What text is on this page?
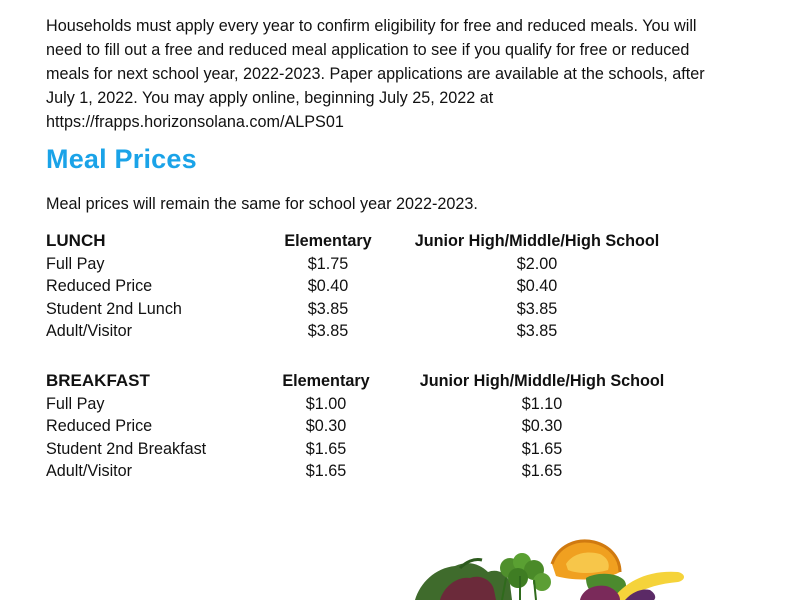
Households must apply every year to confirm eligibility for free and reduced meals. You will

need to fill out a free and reduced meal application to see if you qualify for free or reduced

meals for next school year, 2022-2023. Paper applications are available at the schools, after

July 1, 2022. You may apply online, beginning July 25, 2022 at

https://frapps.horizonsolana.com/ALPS01

Meal Prices

Meal prices will remain the same for school year 2022-2023.

LUNCH	Elementary	Junior High/Middle/High School
Full Pay	$1.75	$2.00
Reduced Price	$0.40	$0.40
Student 2nd Lunch	$3.85	$3.85
Adult/Visitor	$3.85	$3.85
BREAKFAST	Elementary	Junior High/Middle/High School
Full Pay	$1.00	$1.10
Reduced Price	$0.30	$0.30
Student 2nd Breakfast	$1.65	$1.65
Adult/Visitor	$1.65	$1.65
